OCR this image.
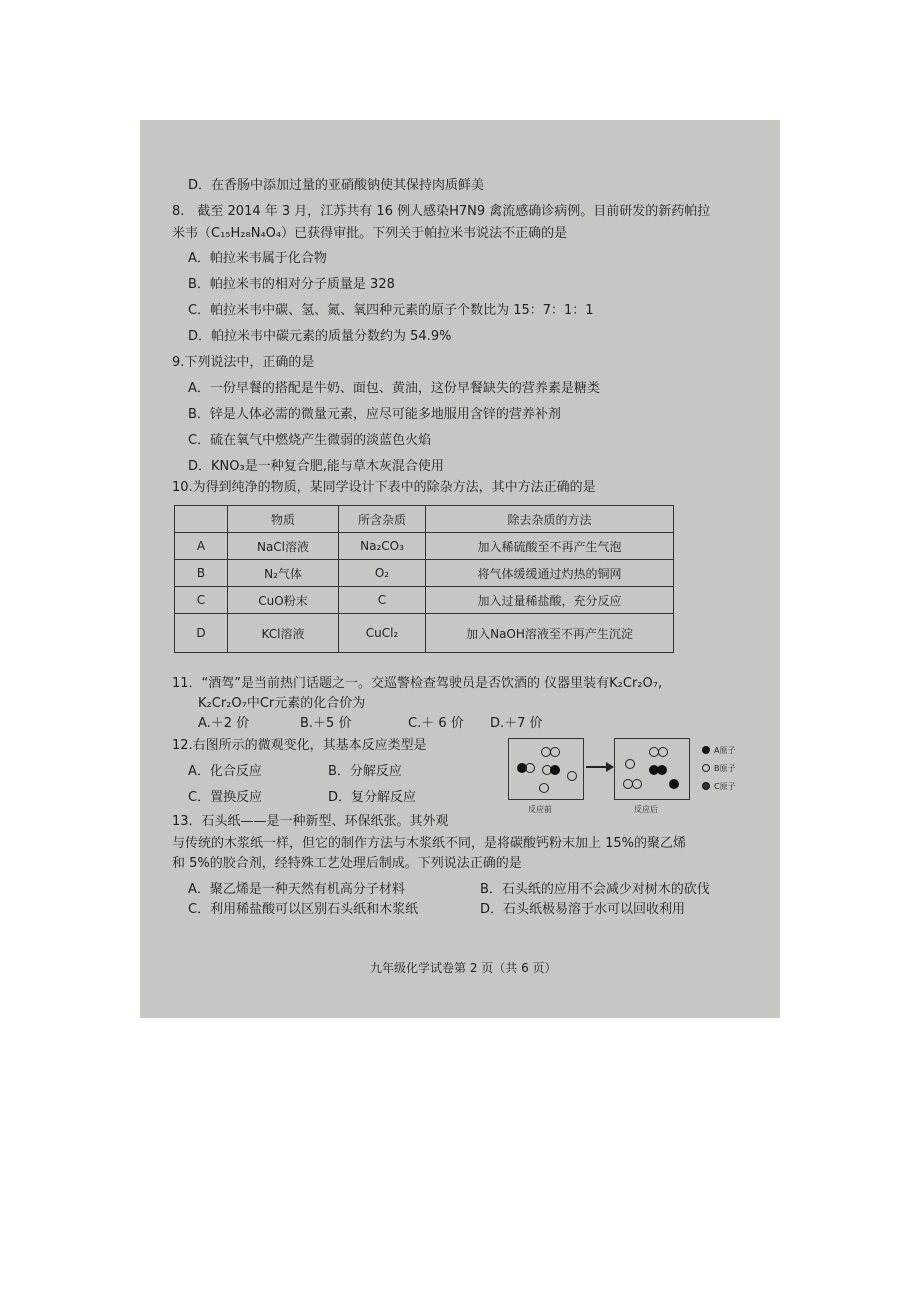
D．在香肠中添加过量的亚硝酸钠使其保持肉质鲜美
8.　截至 2014 年 3 月，江苏共有 16 例人感染H7N9 禽流感确诊病例。目前研发的新药帕拉
米韦（C₁₅H₂₈N₄O₄）已获得审批。下列关于帕拉米韦说法不正确的是
A．帕拉米韦属于化合物
B．帕拉米韦的相对分子质量是 328
C．帕拉米韦中碳、氢、氮、氧四种元素的原子个数比为 15：7：1：1
D．帕拉米韦中碳元素的质量分数约为 54.9%
9.下列说法中，正确的是
A．一份早餐的搭配是牛奶、面包、黄油，这份早餐缺失的营养素是糖类
B．锌是人体必需的微量元素，应尽可能多地服用含锌的营养补剂
C．硫在氧气中燃烧产生微弱的淡蓝色火焰
D．KNO₃是一种复合肥,能与草木灰混合使用
10.为得到纯净的物质，某同学设计下表中的除杂方法，其中方法正确的是
	物质	所含杂质	除去杂质的方法
A	NaCl溶液	Na₂CO₃	加入稀硫酸至不再产生气泡
B	N₂气体	O₂	将气体缓缓通过灼热的铜网
C	CuO粉末	C	加入过量稀盐酸，充分反应
D	KCl溶液	CuCl₂	加入NaOH溶液至不再产生沉淀
11．“酒驾”是当前热门话题之一。交巡警检查驾驶员是否饮酒的 仪器里装有K₂Cr₂O₇,
K₂Cr₂O₇中Cr元素的化合价为
A.＋2 价	B.＋5 价	C.＋ 6 价 D.＋7 价
12.右图所示的微观变化，其基本反应类型是
A．化合反应	B．分解反应
C．置换反应	D．复分解反应
反应前	反应后
A原子
B原子
C原子
13．石头纸——是一种新型、环保纸张。其外观
与传统的木浆纸一样，但它的制作方法与木浆纸不同，是将碳酸钙粉末加上 15%的聚乙烯
和 5%的胶合剂，经特殊工艺处理后制成。下列说法正确的是
A．聚乙烯是一种天然有机高分子材料	B．石头纸的应用不会减少对树木的砍伐
C．利用稀盐酸可以区别石头纸和木浆纸	D．石头纸极易溶于水可以回收利用
九年级化学试卷第 2 页（共 6 页）
